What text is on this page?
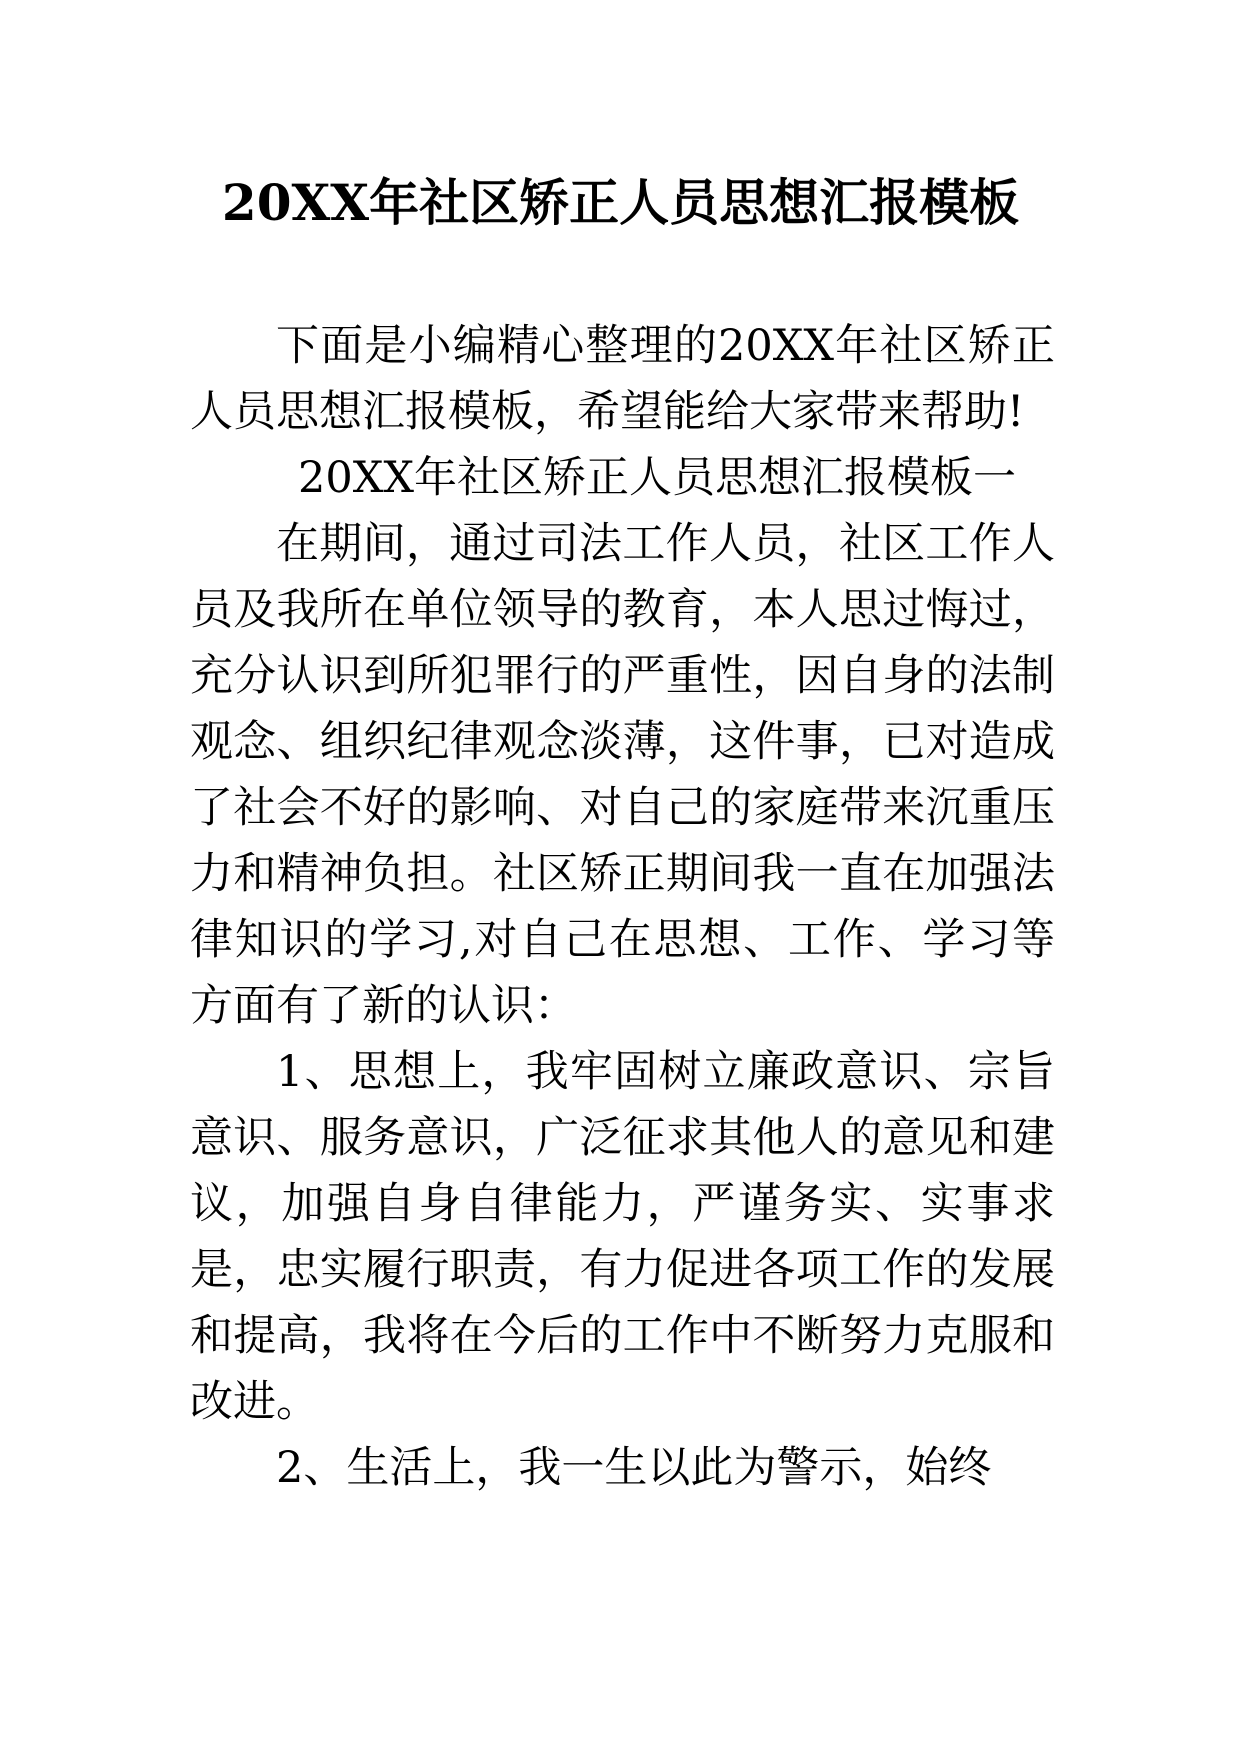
20XX年社区矫正人员思想汇报模板

下面是小编精心整理的20XX年社区矫正人员思想汇报模板，希望能给大家带来帮助!

20XX年社区矫正人员思想汇报模板一

在期间，通过司法工作人员，社区工作人员及我所在单位领导的教育，本人思过悔过，充分认识到所犯罪行的严重性，因自身的法制观念、组织纪律观念淡薄，这件事，已对造成了社会不好的影响、对自己的家庭带来沉重压力和精神负担。社区矫正期间我一直在加强法律知识的学习,对自己在思想、工作、学习等方面有了新的认识：

1、思想上，我牢固树立廉政意识、宗旨意识、服务意识，广泛征求其他人的意见和建议，加强自身自律能力，严谨务实、实事求是，忠实履行职责，有力促进各项工作的发展和提高，我将在今后的工作中不断努力克服和改进。

2、生活上，我一生以此为警示，始终
